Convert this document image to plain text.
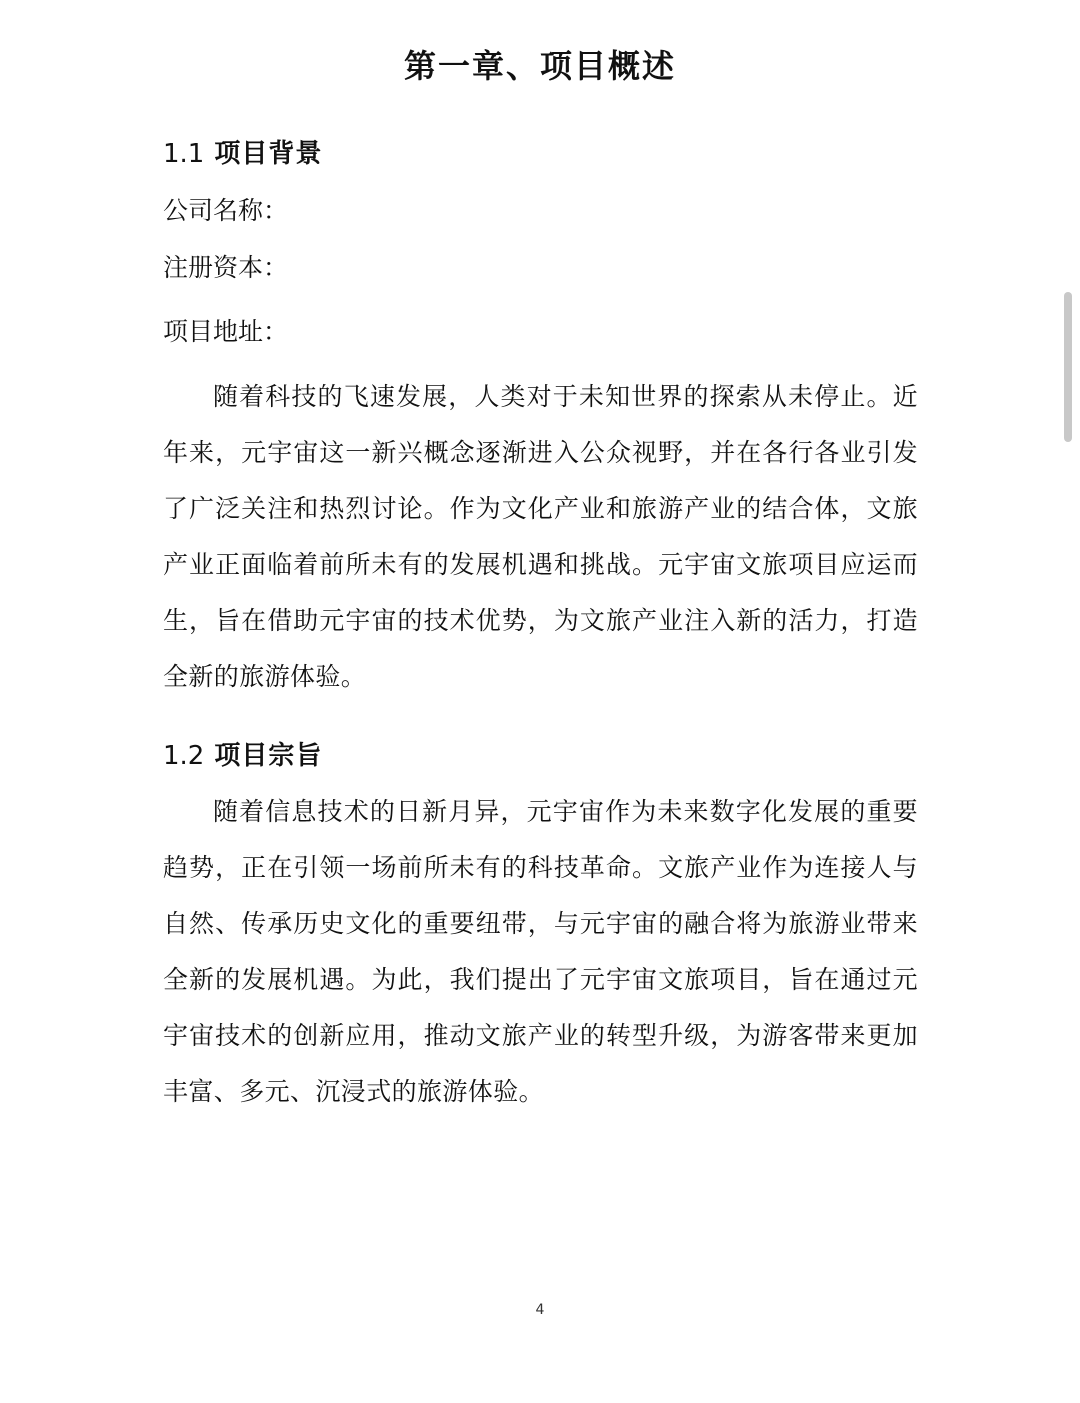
第一章、项目概述
1.1 项目背景
公司名称：
注册资本：
项目地址：
随着科技的飞速发展，人类对于未知世界的探索从未停止。近年来，元宇宙这一新兴概念逐渐进入公众视野，并在各行各业引发了广泛关注和热烈讨论。作为文化产业和旅游产业的结合体，文旅产业正面临着前所未有的发展机遇和挑战。元宇宙文旅项目应运而生，旨在借助元宇宙的技术优势，为文旅产业注入新的活力，打造全新的旅游体验。
1.2 项目宗旨
随着信息技术的日新月异，元宇宙作为未来数字化发展的重要趋势，正在引领一场前所未有的科技革命。文旅产业作为连接人与自然、传承历史文化的重要纽带，与元宇宙的融合将为旅游业带来全新的发展机遇。为此，我们提出了元宇宙文旅项目，旨在通过元宇宙技术的创新应用，推动文旅产业的转型升级，为游客带来更加丰富、多元、沉浸式的旅游体验。
4
